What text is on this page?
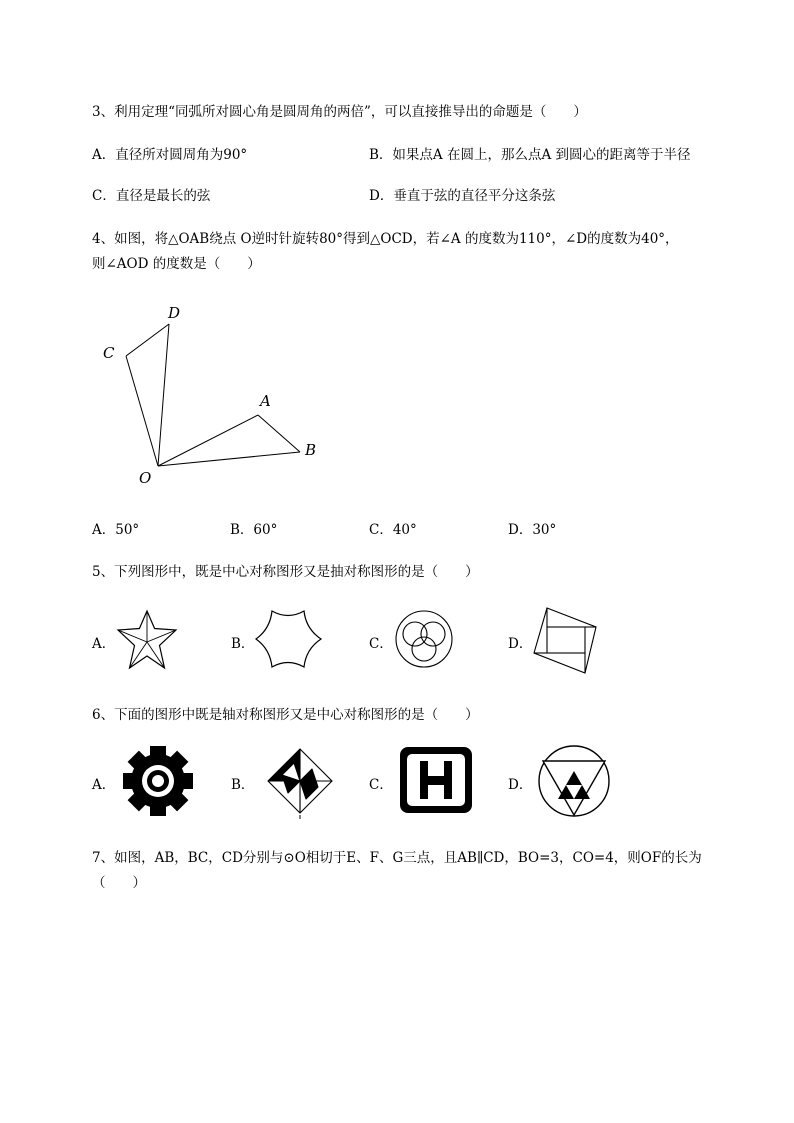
3、利用定理“同弧所对圆心角是圆周角的两倍”，可以直接推导出的命题是（　　）
A．直径所对圆周角为90°	B．如果点A 在圆上，那么点A 到圆心的距离等于半径
C．直径是最长的弦	D．垂直于弦的直径平分这条弦
4、如图，将△OAB绕点 O逆时针旋转80°得到△OCD，若∠A 的度数为110°，∠D的度数为40°，
则∠AOD 的度数是（　　）
D
C
A
B
O
A．50°	B．60°	C．40°	D．30°
5、下列图形中，既是中心对称图形又是抽对称图形的是（　　）
A．	B．	C．	D．
6、下面的图形中既是轴对称图形又是中心对称图形的是（　　）
A．	B．	C．	D．
7、如图，AB，BC，CD分别与⊙O相切于E、F、G三点，且AB∥CD，BO=3，CO=4，则OF的长为
（　　）
